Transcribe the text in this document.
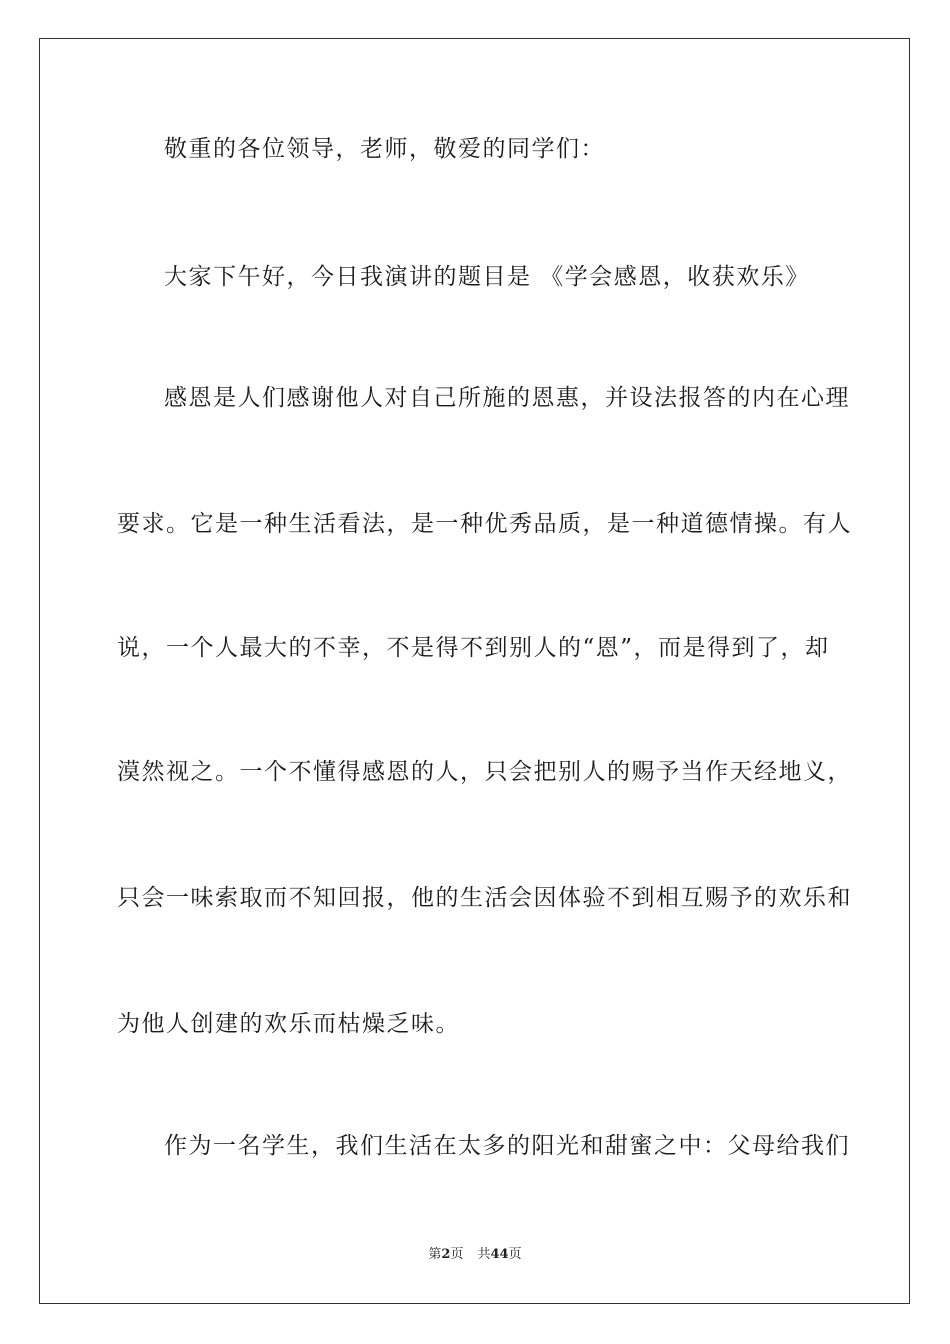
敬重的各位领导，老师，敬爱的同学们：
大家下午好，今日我演讲的题目是 《学会感恩，收获欢乐》
感恩是人们感谢他人对自己所施的恩惠，并设法报答的内在心理
要求。它是一种生活看法，是一种优秀品质，是一种道德情操。有人
说，一个人最大的不幸，不是得不到别人的“恩”，而是得到了，却
漠然视之。一个不懂得感恩的人，只会把别人的赐予当作天经地义，
只会一味索取而不知回报，他的生活会因体验不到相互赐予的欢乐和
为他人创建的欢乐而枯燥乏味。
作为一名学生，我们生活在太多的阳光和甜蜜之中：父母给我们
第2页 共44页
